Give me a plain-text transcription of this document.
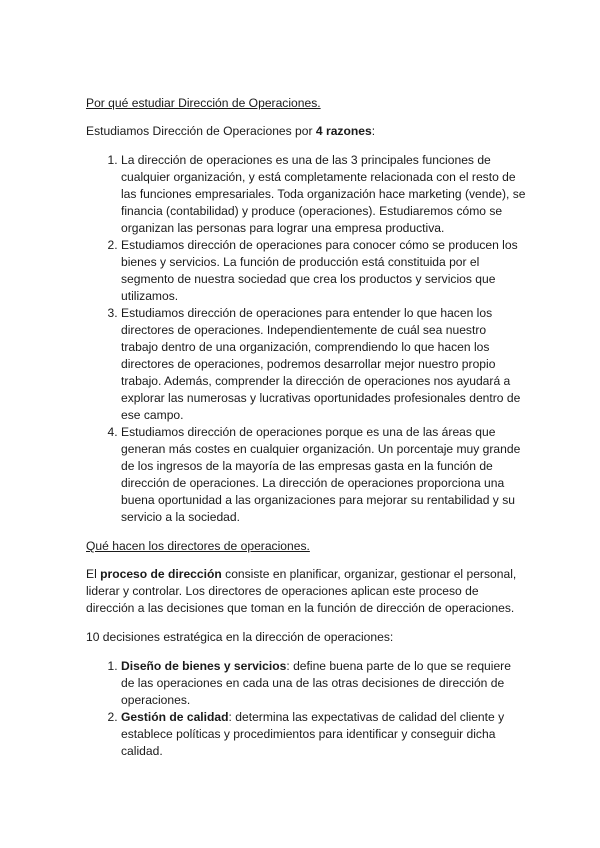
Por qué estudiar Dirección de Operaciones.

Estudiamos Dirección de Operaciones por 4 razones:

1. La dirección de operaciones es una de las 3 principales funciones de cualquier organización, y está completamente relacionada con el resto de las funciones empresariales. Toda organización hace marketing (vende), se financia (contabilidad) y produce (operaciones). Estudiaremos cómo se organizan las personas para lograr una empresa productiva.
2. Estudiamos dirección de operaciones para conocer cómo se producen los bienes y servicios. La función de producción está constituida por el segmento de nuestra sociedad que crea los productos y servicios que utilizamos.
3. Estudiamos dirección de operaciones para entender lo que hacen los directores de operaciones. Independientemente de cuál sea nuestro trabajo dentro de una organización, comprendiendo lo que hacen los directores de operaciones, podremos desarrollar mejor nuestro propio trabajo. Además, comprender la dirección de operaciones nos ayudará a explorar las numerosas y lucrativas oportunidades profesionales dentro de ese campo.
4. Estudiamos dirección de operaciones porque es una de las áreas que generan más costes en cualquier organización. Un porcentaje muy grande de los ingresos de la mayoría de las empresas gasta en la función de dirección de operaciones. La dirección de operaciones proporciona una buena oportunidad a las organizaciones para mejorar su rentabilidad y su servicio a la sociedad.

Qué hacen los directores de operaciones.

El proceso de dirección consiste en planificar, organizar, gestionar el personal, liderar y controlar. Los directores de operaciones aplican este proceso de dirección a las decisiones que toman en la función de dirección de operaciones.

10 decisiones estratégica en la dirección de operaciones:

1. Diseño de bienes y servicios: define buena parte de lo que se requiere de las operaciones en cada una de las otras decisiones de dirección de operaciones.
2. Gestión de calidad: determina las expectativas de calidad del cliente y establece políticas y procedimientos para identificar y conseguir dicha calidad.
